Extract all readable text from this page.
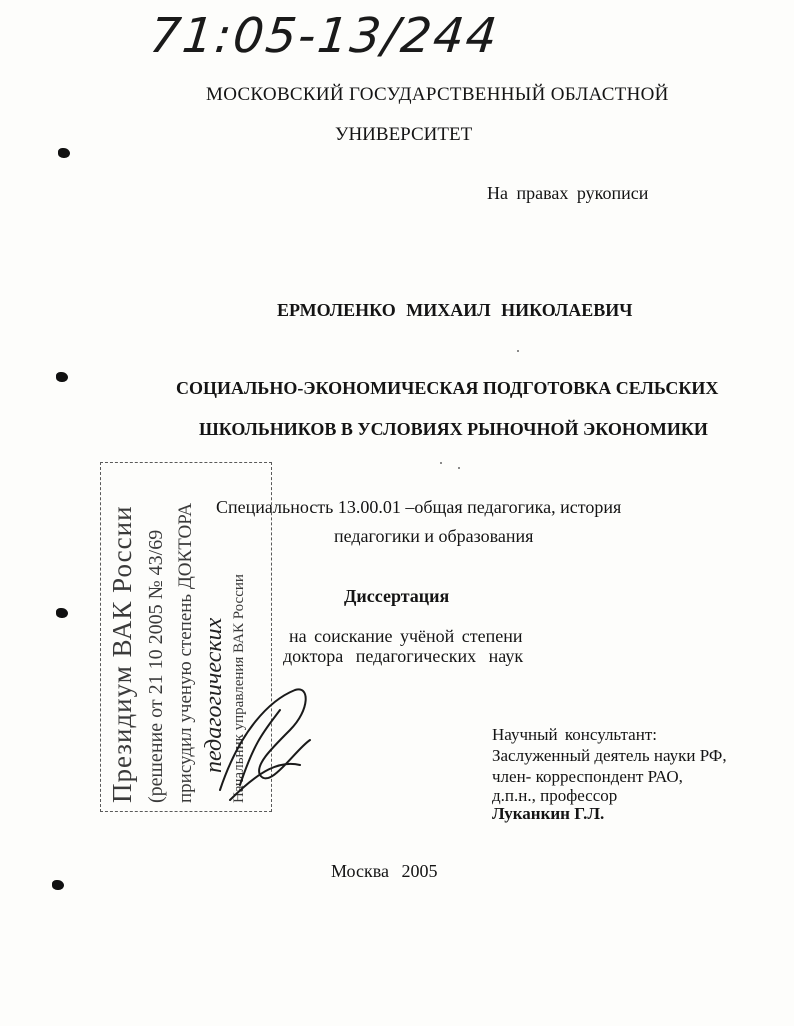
71:05-13/244
МОСКОВСКИЙ ГОСУДАРСТВЕННЫЙ ОБЛАСТНОЙ
УНИВЕРСИТЕТ
На правах рукописи
ЕРМОЛЕНКО МИХАИЛ НИКОЛАЕВИЧ
СОЦИАЛЬНО-ЭКОНОМИЧЕСКАЯ ПОДГОТОВКА СЕЛЬСКИХ
ШКОЛЬНИКОВ В УСЛОВИЯХ РЫНОЧНОЙ ЭКОНОМИКИ
Специальность 13.00.01 –общая педагогика, история
педагогики и образования
Диссертация
на соискание учёной степени
доктора педагогических наук
Научный консультант:
Заслуженный деятель науки РФ,
член- корреспондент РАО,
д.п.н., профессор
Луканкин Г.Л.
Москва 2005
Президиум ВАК России (решение от 21 10 2005 № 43/69 присудил ученую степень ДОКТОРА педагогических Начальник управления ВАК России
